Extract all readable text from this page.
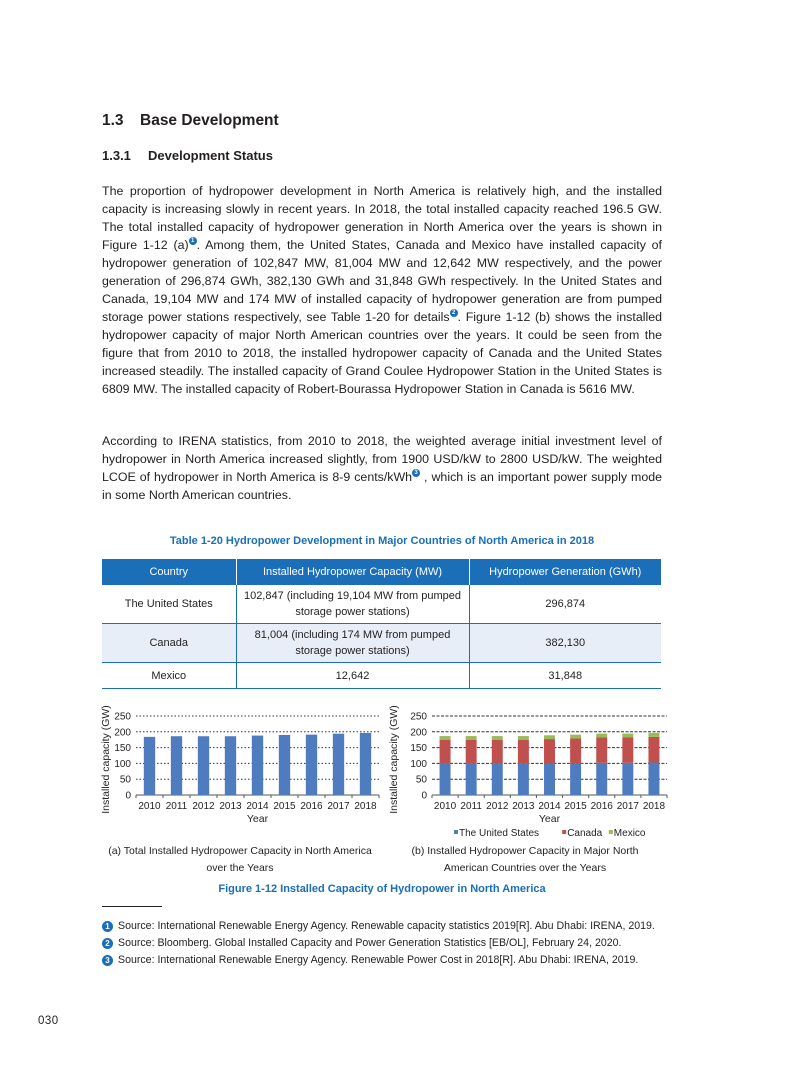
1.3 Base Development
1.3.1 Development Status
The proportion of hydropower development in North America is relatively high, and the installed capacity is increasing slowly in recent years. In 2018, the total installed capacity reached 196.5 GW. The total installed capacity of hydropower generation in North America over the years is shown in Figure 1-12 (a) $^1$ . Among them, the United States, Canada and Mexico have installed capacity of hydropower generation of 102,847 MW, 81,004 MW and 12,642 MW respectively, and the power generation of 296,874 GWh, 382,130 GWh and 31,848 GWh respectively. In the United States and Canada, 19,104 MW and 174 MW of installed capacity of hydropower generation are from pumped storage power stations respectively, see Table 1-20 for details $^2$ . Figure 1-12 (b) shows the installed hydropower capacity of major North American countries over the years. It could be seen from the figure that from 2010 to 2018, the installed hydropower capacity of Canada and the United States increased steadily. The installed capacity of Grand Coulee Hydropower Station in the United States is 6809 MW. The installed capacity of Robert-Bourassa Hydropower Station in Canada is 5616 MW.
According to IRENA statistics, from 2010 to 2018, the weighted average initial investment level of hydropower in North America increased slightly, from 1900 USD/kW to 2800 USD/kW. The weighted LCOE of hydropower in North America is 8-9 cents/kWh $^3$ , which is an important power supply mode in some North American countries.
Table 1-20 Hydropower Development in Major Countries of North America in 2018
Country	Installed Hydropower Capacity (MW)	Hydropower Generation (GWh)
The United States	102,847 (including 19,104 MW from pumped storage power stations)	296,874
Canada	81,004 (including 174 MW from pumped storage power stations)	382,130
Mexico	12,642	31,848
Installed capacity (GW) 0
50
100
150
200
250
2010 2011 2012 2013 2014 2015 2016 2017 2018
Year
Installed capacity (GW) 0
50
100
150
200
250
2010 2011 2012 2013 2014 2015 2016 2017 2018
Year
The United States	Canada Mexico
(a) Total Installed Hydropower Capacity in North America
over the Years
(b) Installed Hydropower Capacity in Major North
American Countries over the Years
Figure 1-12 Installed Capacity of Hydropower in North America
1 Source: International Renewable Energy Agency. Renewable capacity statistics 2019[R]. Abu Dhabi: IRENA, 2019.
2 Source: Bloomberg. Global Installed Capacity and Power Generation Statistics [EB/OL], February 24, 2020.
3 Source: International Renewable Energy Agency. Renewable Power Cost in 2018[R]. Abu Dhabi: IRENA, 2019.
030
